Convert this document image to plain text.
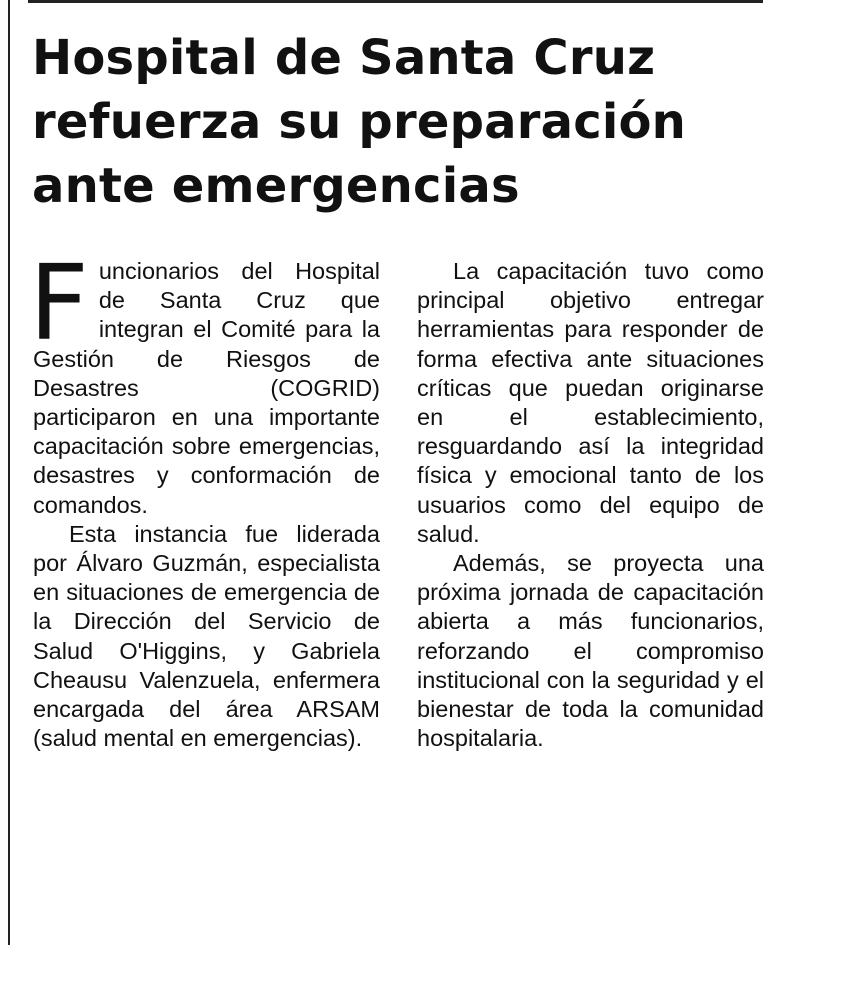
Hospital de Santa Cruz refuerza su preparación ante emergencias

Funcionarios del Hospital de Santa Cruz que integran el Comité para la Gestión de Riesgos de Desastres (COGRID) participaron en una importante capacitación sobre emergencias, desastres y conformación de comandos.

Esta instancia fue liderada por Álvaro Guzmán, especialista en situaciones de emergencia de la Dirección del Servicio de Salud O'Higgins, y Gabriela Cheausu Valenzuela, enfermera encargada del área ARSAM (salud mental en emergencias).

La capacitación tuvo como principal objetivo entregar herramientas para responder de forma efectiva ante situaciones críticas que puedan originarse en el establecimiento, resguardando así la integridad física y emocional tanto de los usuarios como del equipo de salud.

Además, se proyecta una próxima jornada de capacitación abierta a más funcionarios, reforzando el compromiso institucional con la seguridad y el bienestar de toda la comunidad hospitalaria.
